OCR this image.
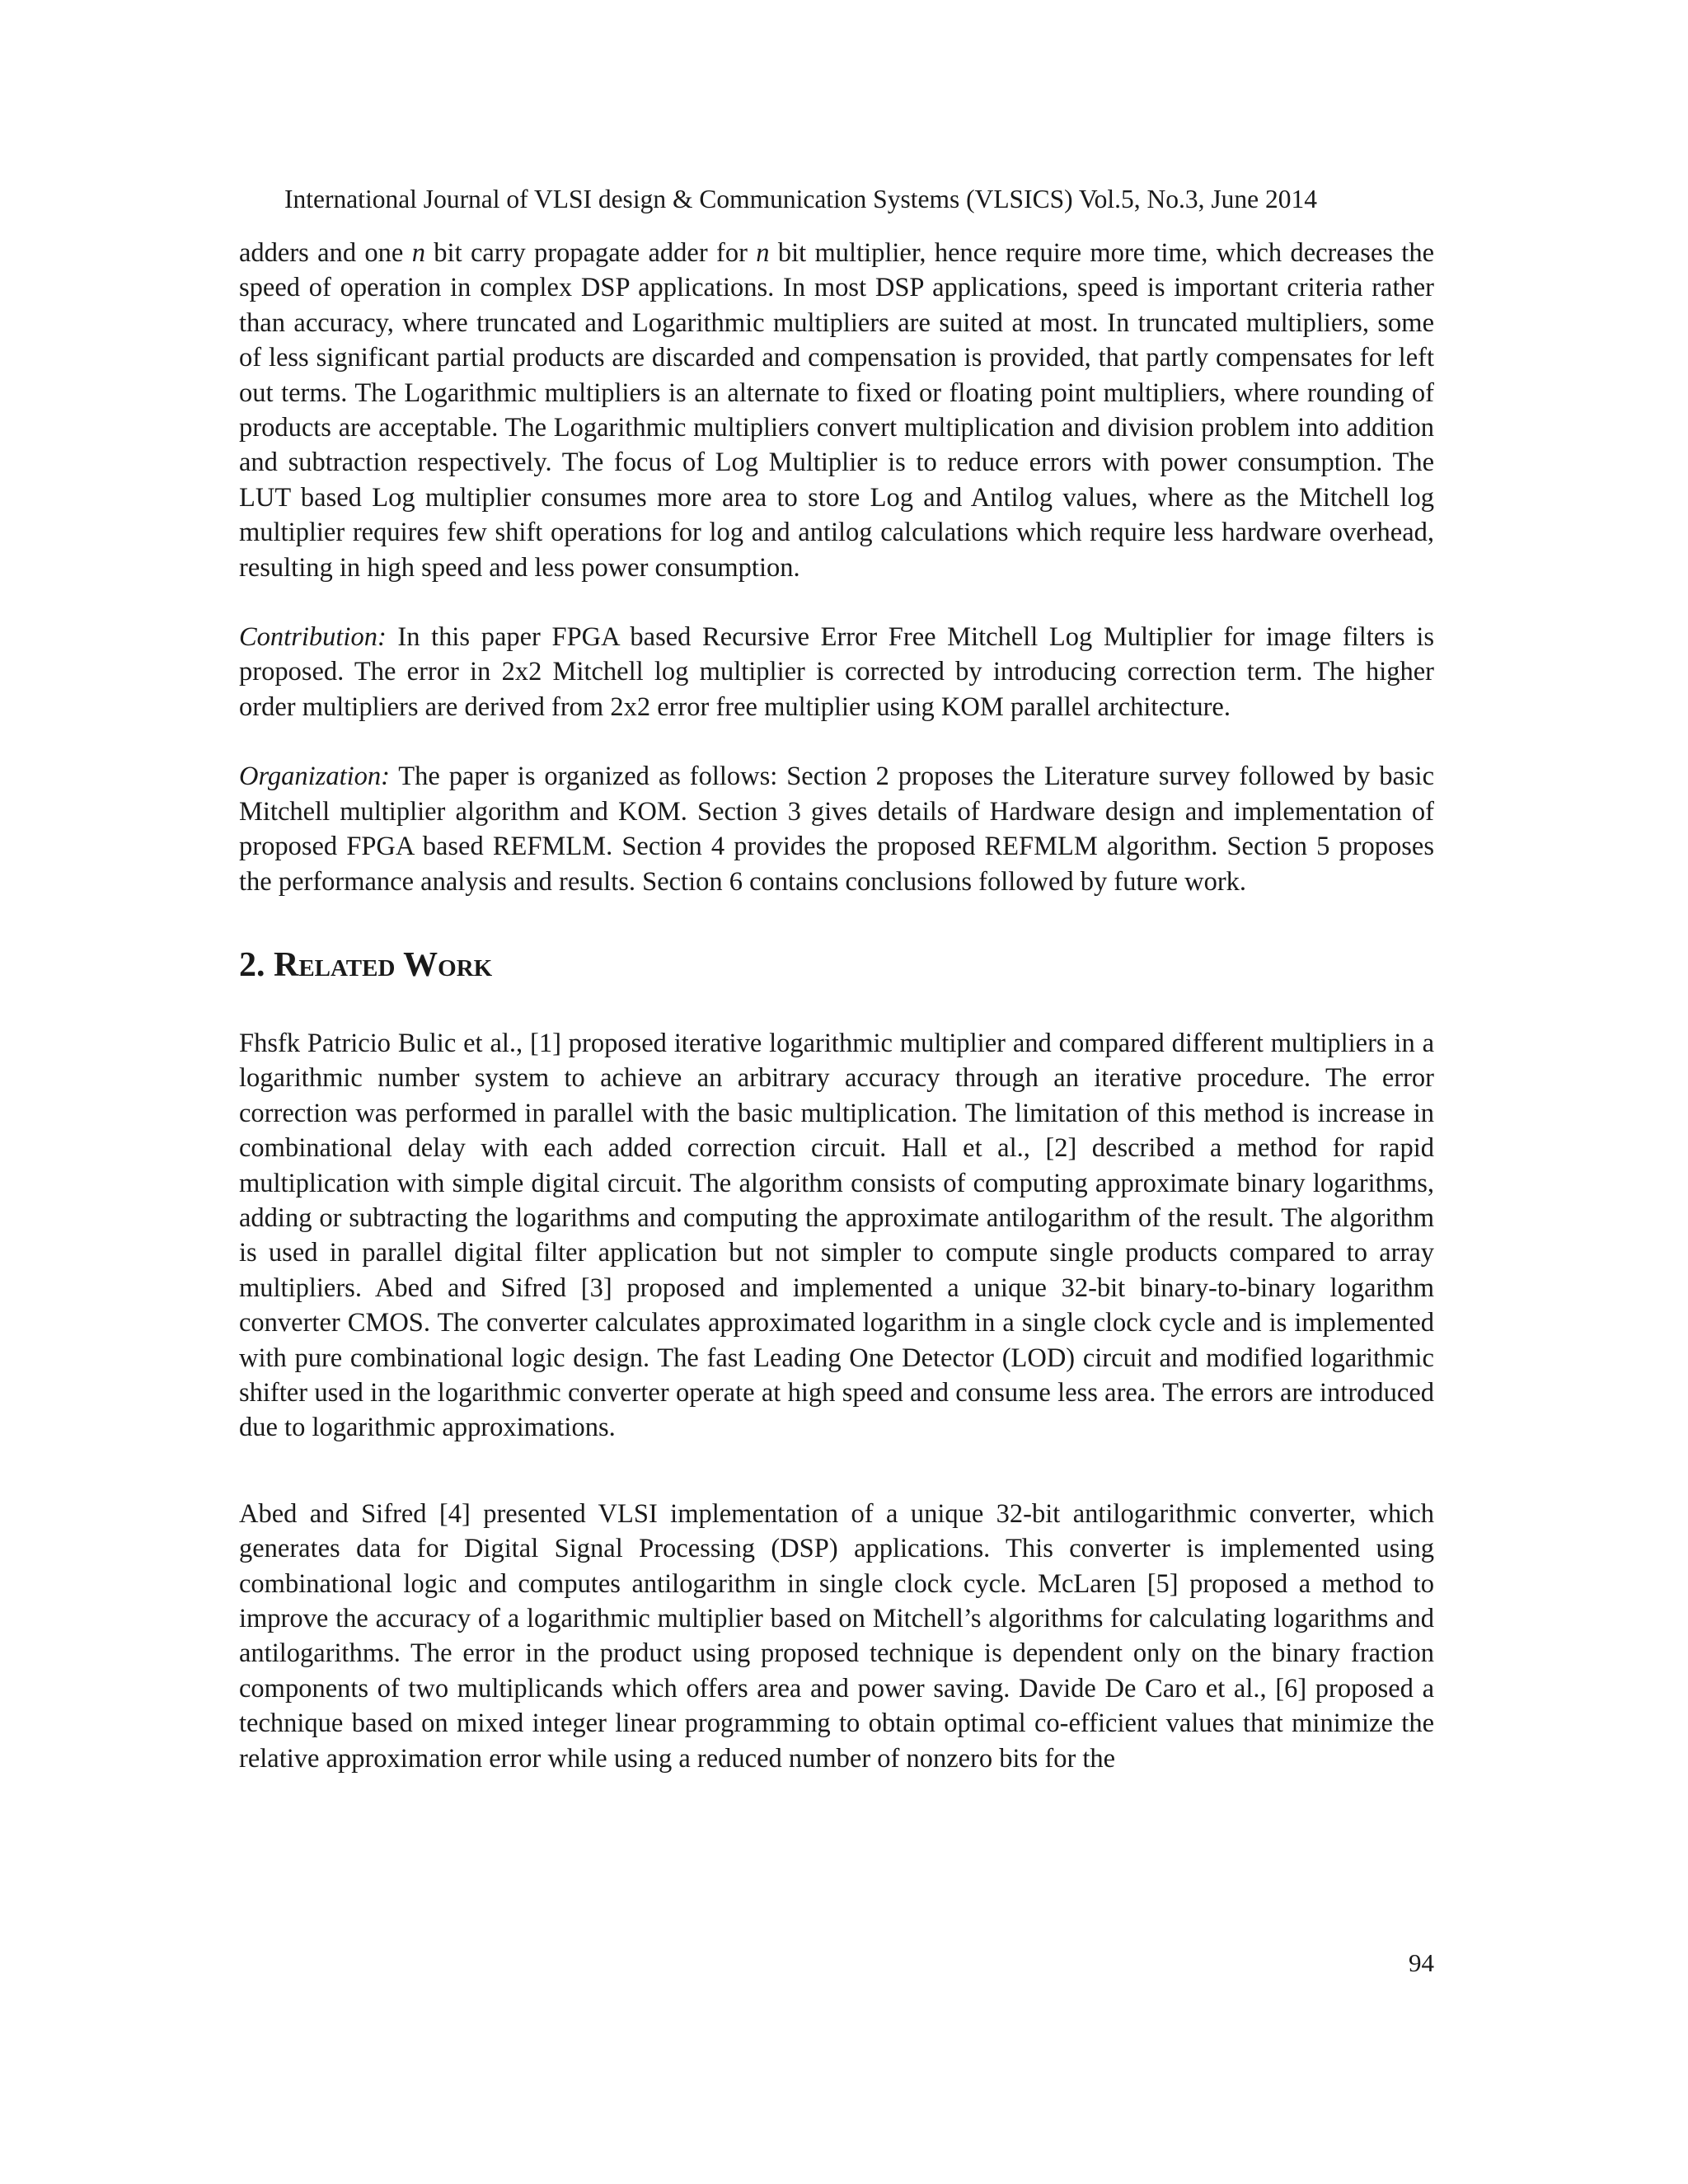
International Journal of VLSI design & Communication Systems (VLSICS) Vol.5, No.3, June 2014

adders and one n bit carry propagate adder for n bit multiplier, hence require more time, which decreases the speed of operation in complex DSP applications. In most DSP applications, speed is important criteria rather than accuracy, where truncated and Logarithmic multipliers are suited at most. In truncated multipliers, some of less significant partial products are discarded and compensation is provided, that partly compensates for left out terms. The Logarithmic multipliers is an alternate to fixed or floating point multipliers, where rounding of products are acceptable. The Logarithmic multipliers convert multiplication and division problem into addition and subtraction respectively. The focus of Log Multiplier is to reduce errors with power consumption. The LUT based Log multiplier consumes more area to store Log and Antilog values, where as the Mitchell log multiplier requires few shift operations for log and antilog calculations which require less hardware overhead, resulting in high speed and less power consumption.

Contribution: In this paper FPGA based Recursive Error Free Mitchell Log Multiplier for image filters is proposed. The error in 2x2 Mitchell log multiplier is corrected by introducing correction term. The higher order multipliers are derived from 2x2 error free multiplier using KOM parallel architecture.

Organization: The paper is organized as follows: Section 2 proposes the Literature survey followed by basic Mitchell multiplier algorithm and KOM. Section 3 gives details of Hardware design and implementation of proposed FPGA based REFMLM. Section 4 provides the proposed REFMLM algorithm. Section 5 proposes the performance analysis and results. Section 6 contains conclusions followed by future work.

2. Related Work

Fhsfk Patricio Bulic et al., [1] proposed iterative logarithmic multiplier and compared different multipliers in a logarithmic number system to achieve an arbitrary accuracy through an iterative procedure. The error correction was performed in parallel with the basic multiplication. The limitation of this method is increase in combinational delay with each added correction circuit. Hall et al., [2] described a method for rapid multiplication with simple digital circuit. The algorithm consists of computing approximate binary logarithms, adding or subtracting the logarithms and computing the approximate antilogarithm of the result. The algorithm is used in parallel digital filter application but not simpler to compute single products compared to array multipliers. Abed and Sifred [3] proposed and implemented a unique 32-bit binary-to-binary logarithm converter CMOS. The converter calculates approximated logarithm in a single clock cycle and is implemented with pure combinational logic design. The fast Leading One Detector (LOD) circuit and modified logarithmic shifter used in the logarithmic converter operate at high speed and consume less area. The errors are introduced due to logarithmic approximations.

Abed and Sifred [4] presented VLSI implementation of a unique 32-bit antilogarithmic converter, which generates data for Digital Signal Processing (DSP) applications. This converter is implemented using combinational logic and computes antilogarithm in single clock cycle. McLaren [5] proposed a method to improve the accuracy of a logarithmic multiplier based on Mitchell’s algorithms for calculating logarithms and antilogarithms. The error in the product using proposed technique is dependent only on the binary fraction components of two multiplicands which offers area and power saving. Davide De Caro et al., [6] proposed a technique based on mixed integer linear programming to obtain optimal co-efficient values that minimize the relative approximation error while using a reduced number of nonzero bits for the

94
